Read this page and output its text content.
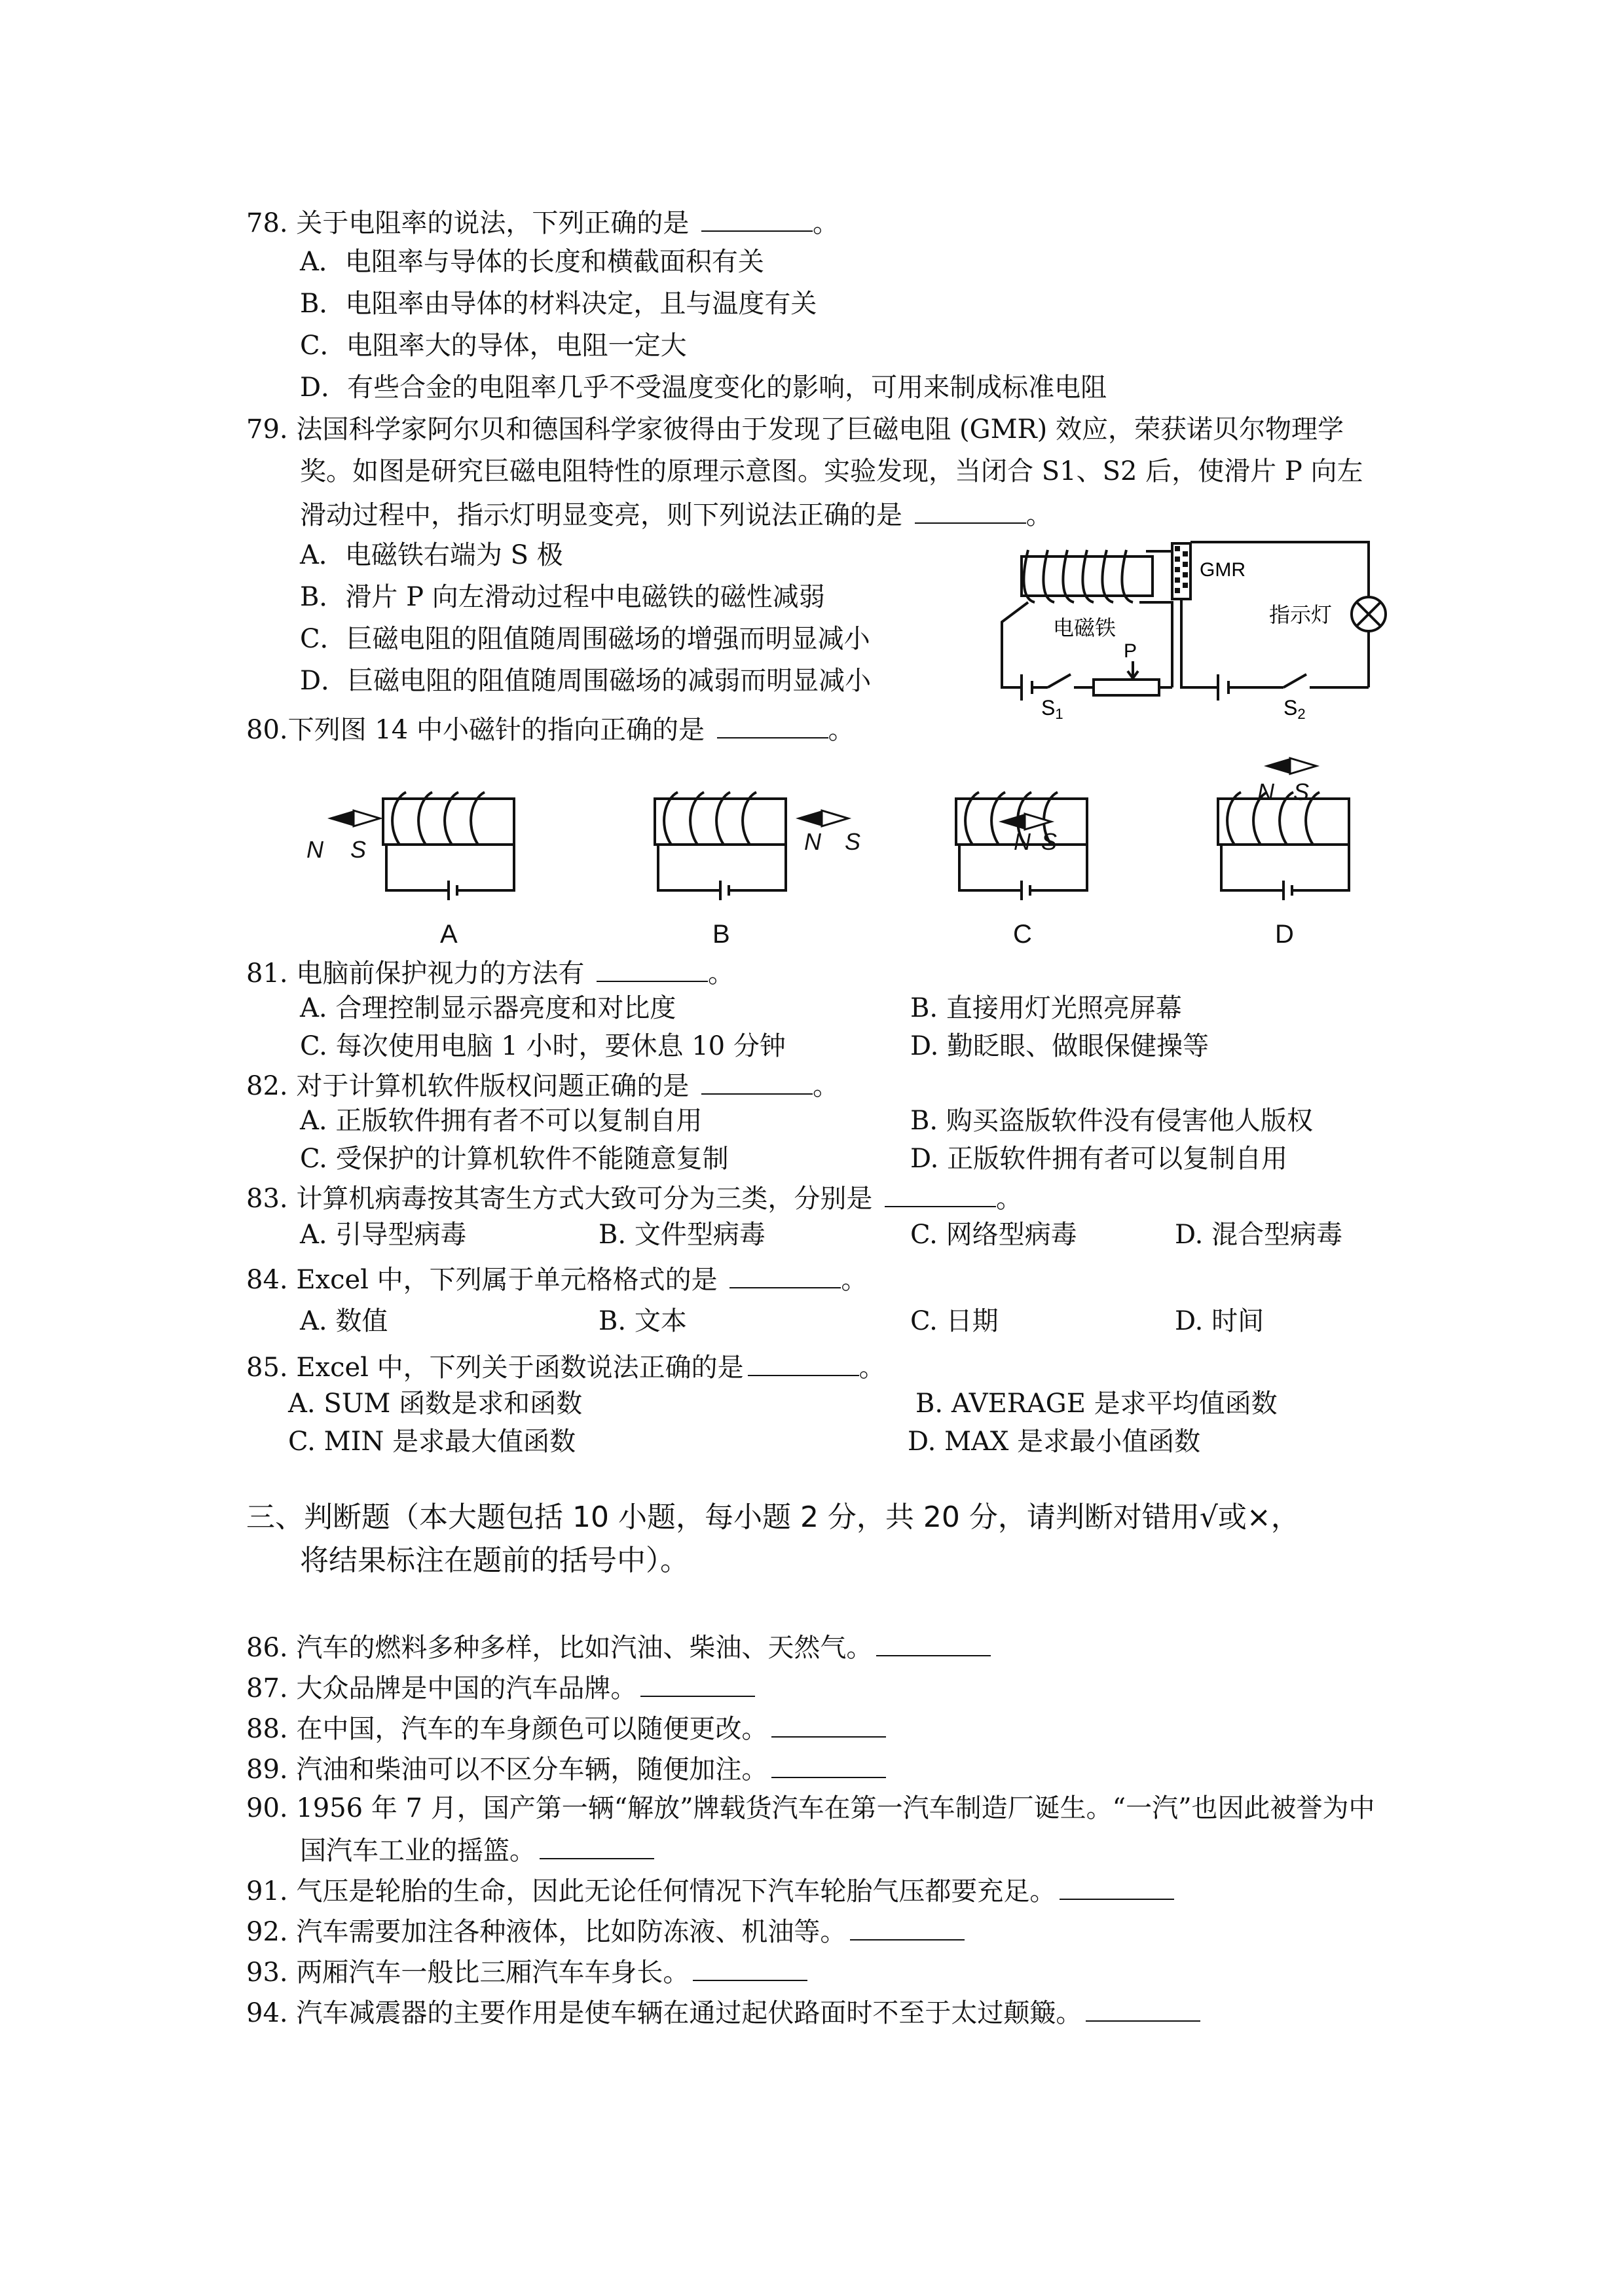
78. 关于电阻率的说法，下列正确的是	。
A．电阻率与导体的长度和横截面积有关
B．电阻率由导体的材料决定，且与温度有关
C．电阻率大的导体，电阻一定大
D．有些合金的电阻率几乎不受温度变化的影响，可用来制成标准电阻
79. 法国科学家阿尔贝和德国科学家彼得由于发现了巨磁电阻 (GMR) 效应，荣获诺贝尔物理学
奖。如图是研究巨磁电阻特性的原理示意图。实验发现，当闭合 S1、S2 后，使滑片 P 向左
滑动过程中，指示灯明显变亮，则下列说法正确的是	。
A．电磁铁右端为 S 极
B．滑片 P 向左滑动过程中电磁铁的磁性减弱
C．巨磁电阻的阻值随周围磁场的增强而明显减小
D．巨磁电阻的阻值随周围磁场的减弱而明显减小
GMR
电磁铁
指示灯
P
S1	S2
80.下列图 14 中小磁针的指向正确的是	。
N S	N S	N S
N S
A	B	C	D
81. 电脑前保护视力的方法有	。
A. 合理控制显示器亮度和对比度	B. 直接用灯光照亮屏幕
C. 每次使用电脑 1 小时，要休息 10 分钟	D. 勤眨眼、做眼保健操等
82. 对于计算机软件版权问题正确的是	。
A. 正版软件拥有者不可以复制自用	B. 购买盗版软件没有侵害他人版权
C. 受保护的计算机软件不能随意复制	D. 正版软件拥有者可以复制自用
83. 计算机病毒按其寄生方式大致可分为三类，分别是	。
A. 引导型病毒	B. 文件型病毒	C. 网络型病毒	D. 混合型病毒
84. Excel 中，下列属于单元格格式的是	。
A. 数值	B. 文本	C. 日期	D. 时间
85. Excel 中，下列关于函数说法正确的是	。
A. SUM 函数是求和函数	B. AVERAGE 是求平均值函数
C. MIN 是求最大值函数	D. MAX 是求最小值函数
三、判断题（本大题包括 10 小题，每小题 2 分，共 20 分，请判断对错用√或×，
将结果标注在题前的括号中）。
86. 汽车的燃料多种多样，比如汽油、柴油、天然气。
87. 大众品牌是中国的汽车品牌。
88. 在中国，汽车的车身颜色可以随便更改。
89. 汽油和柴油可以不区分车辆，随便加注。
90. 1956 年 7 月，国产第一辆“解放”牌载货汽车在第一汽车制造厂诞生。“一汽”也因此被誉为中
国汽车工业的摇篮。
91. 气压是轮胎的生命，因此无论任何情况下汽车轮胎气压都要充足。
92. 汽车需要加注各种液体，比如防冻液、机油等。
93. 两厢汽车一般比三厢汽车车身长。
94. 汽车减震器的主要作用是使车辆在通过起伏路面时不至于太过颠簸。
